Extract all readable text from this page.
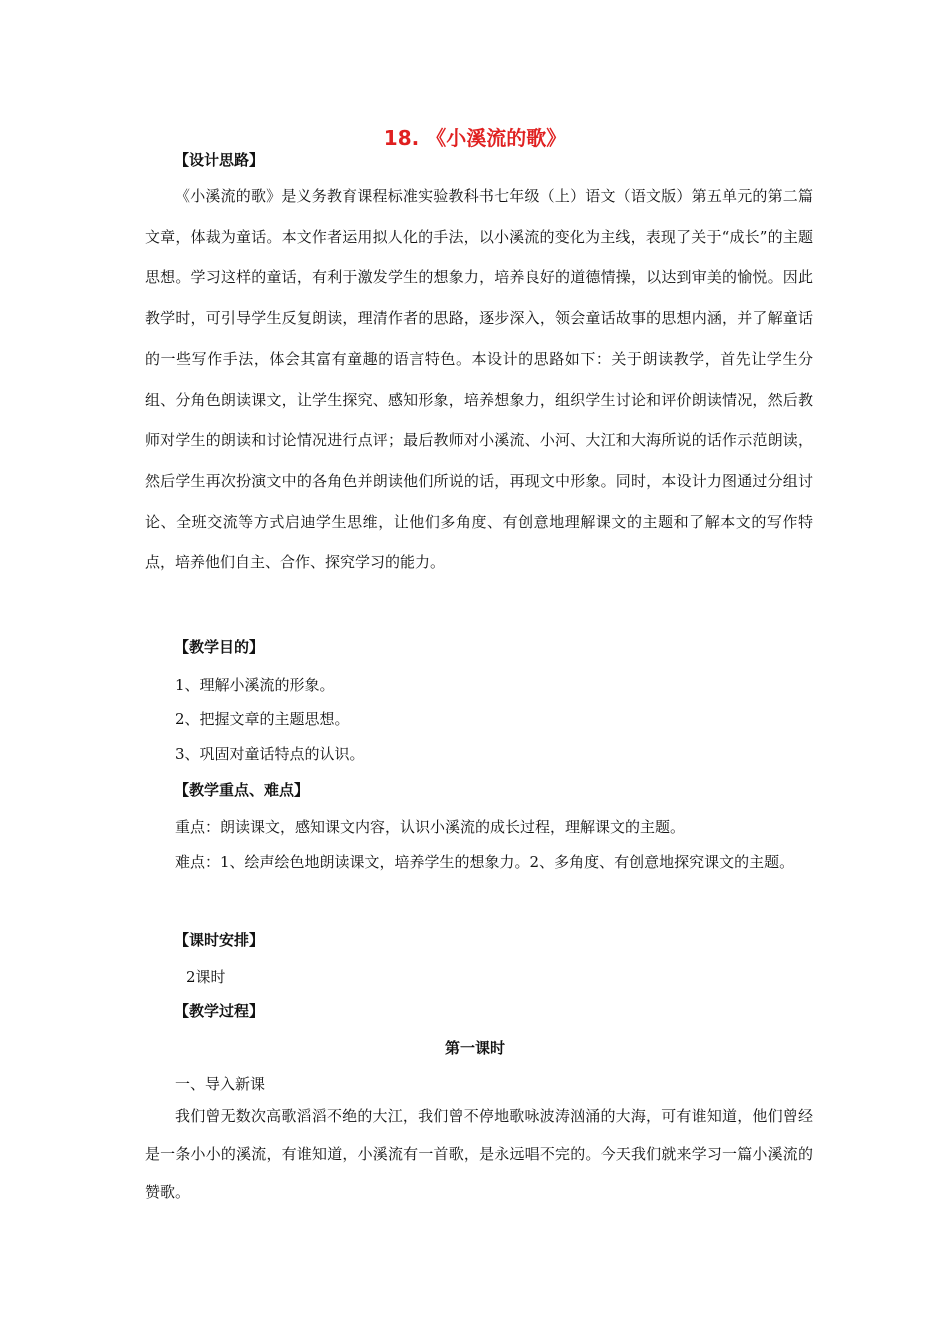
18. 《小溪流的歌》
【设计思路】

《小溪流的歌》是义务教育课程标准实验教科书七年级（上）语文（语文版）第五单元的第二篇文章，体裁为童话。本文作者运用拟人化的手法，以小溪流的变化为主线，表现了关于“成长”的主题思想。学习这样的童话，有利于激发学生的想象力，培养良好的道德情操，以达到审美的愉悦。因此教学时，可引导学生反复朗读，理清作者的思路，逐步深入，领会童话故事的思想内涵，并了解童话的一些写作手法，体会其富有童趣的语言特色。本设计的思路如下：关于朗读教学，首先让学生分组、分角色朗读课文，让学生探究、感知形象，培养想象力，组织学生讨论和评价朗读情况，然后教师对学生的朗读和讨论情况进行点评；最后教师对小溪流、小河、大江和大海所说的话作示范朗读，然后学生再次扮演文中的各角色并朗读他们所说的话，再现文中形象。同时，本设计力图通过分组讨论、全班交流等方式启迪学生思维，让他们多角度、有创意地理解课文的主题和了解本文的写作特点，培养他们自主、合作、探究学习的能力。

【教学目的】
1、理解小溪流的形象。
2、把握文章的主题思想。
3、巩固对童话特点的认识。
【教学重点、难点】
重点：朗读课文，感知课文内容，认识小溪流的成长过程，理解课文的主题。

难点：1、绘声绘色地朗读课文，培养学生的想象力。2、多角度、有创意地探究课文的主题。

【课时安排】
2课时
【教学过程】
第一课时
一、导入新课

我们曾无数次高歌滔滔不绝的大江，我们曾不停地歌咏波涛汹涌的大海，可有谁知道，他们曾经是一条小小的溪流，有谁知道，小溪流有一首歌，是永远唱不完的。今天我们就来学习一篇小溪流的赞歌。
